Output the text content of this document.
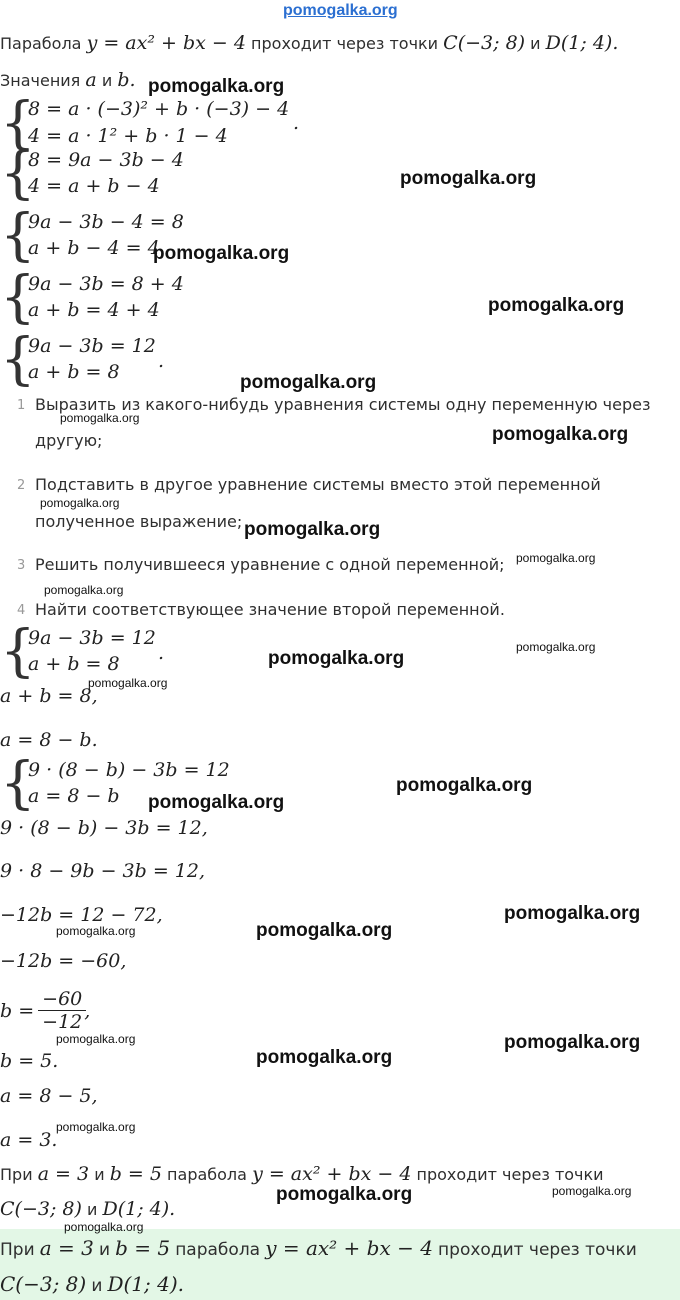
pomogalka.org
Парабола y = ax² + bx − 4 проходит через точки C(−3; 8) и D(1; 4).
Значения a и b.
{
8 = a · (−3)² + b · (−3) − 4
4 = a · 1² + b · 1 − 4
.
{
8 = 9a − 3b − 4
4 = a + b − 4
{
9a − 3b − 4 = 8
a + b − 4 = 4
{
9a − 3b = 8 + 4
a + b = 4 + 4
{
9a − 3b = 12
a + b = 8 .
1 Выразить из какого-нибудь уравнения системы одну переменную через
другую;
2 Подставить в другое уравнение системы вместо этой переменной
полученное выражение;
3 Решить получившееся уравнение с одной переменной;
4 Найти соответствующее значение второй переменной.
{
9a − 3b = 12
a + b = 8 .
a + b = 8,
a = 8 − b.
{
9 · (8 − b) − 3b = 12
a = 8 − b
9 · (8 − b) − 3b = 12,
9 · 8 − 9b − 3b = 12,
−12b = 12 − 72,
−12b = −60,
b =
$\frac{-60}{-12}$ ,
b = 5.
a = 8 − 5,
a = 3.
При a = 3 и b = 5 парабола y = ax² + bx − 4 проходит через точки
C(−3; 8) и D(1; 4).
При a = 3 и b = 5 парабола y = ax² + bx − 4 проходит через точки
C(−3; 8) и D(1; 4).
pomogalka.org
pomogalka.org
pomogalka.org
pomogalka.org
pomogalka.org
pomogalka.org
pomogalka.org
pomogalka.org
pomogalka.org
pomogalka.org
pomogalka.org
pomogalka.org
pomogalka.org
pomogalka.org
pomogalka.org
pomogalka.org
pomogalka.org
pomogalka.org
pomogalka.org
pomogalka.org
pomogalka.org
pomogalka.org
pomogalka.org
pomogalka.org
pomogalka.org
pomogalka.org
